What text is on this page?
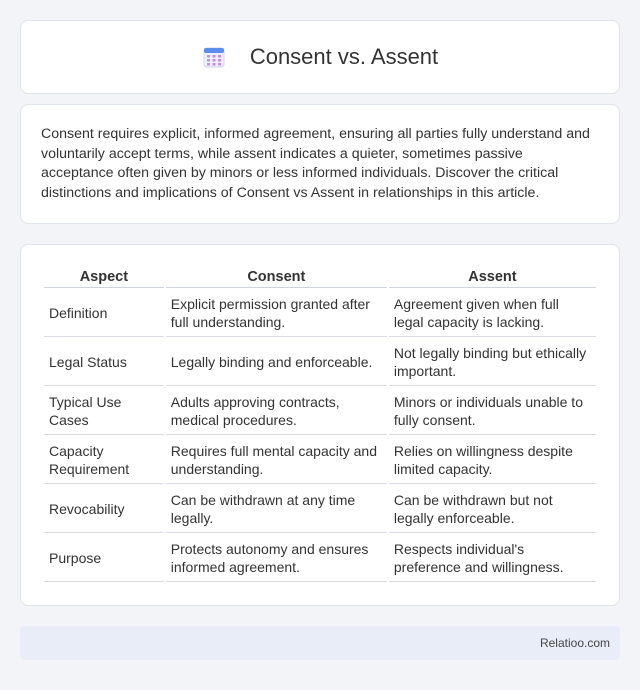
Consent vs. Assent

Consent requires explicit, informed agreement, ensuring all parties fully understand and voluntarily accept terms, while assent indicates a quieter, sometimes passive acceptance often given by minors or less informed individuals. Discover the critical distinctions and implications of Consent vs Assent in relationships in this article.

Aspect	Consent	Assent
Definition	Explicit permission granted after full understanding.	Agreement given when full legal capacity is lacking.
Legal Status	Legally binding and enforceable.	Not legally binding but ethically important.
Typical Use Cases	Adults approving contracts, medical procedures.	Minors or individuals unable to fully consent.
Capacity Requirement	Requires full mental capacity and understanding.	Relies on willingness despite limited capacity.
Revocability	Can be withdrawn at any time legally.	Can be withdrawn but not legally enforceable.
Purpose	Protects autonomy and ensures informed agreement.	Respects individual's preference and willingness.
Relatioo.com
